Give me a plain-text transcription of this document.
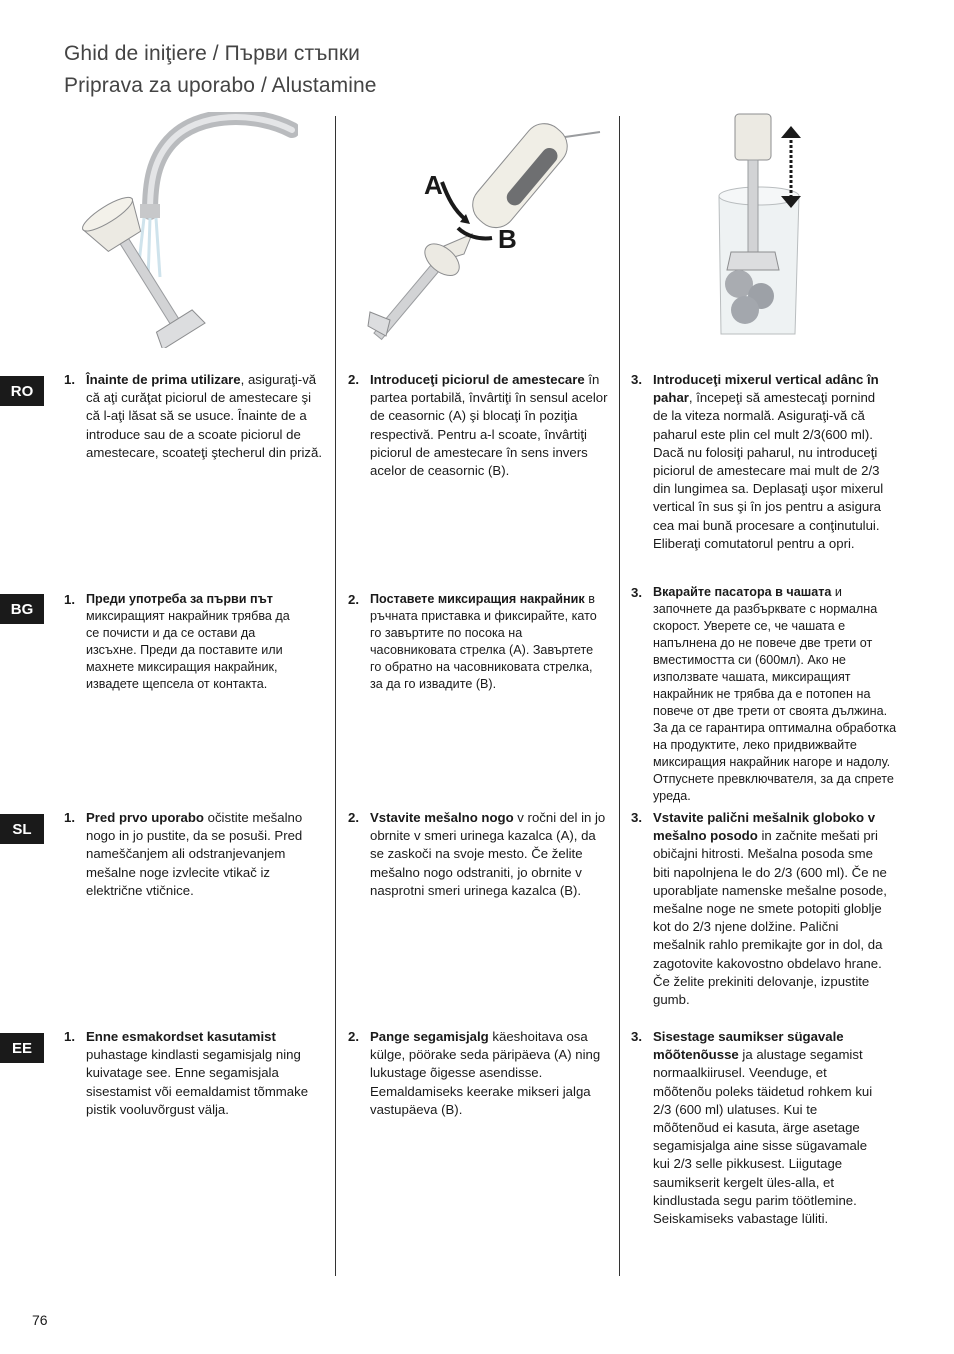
Ghid de iniţiere / Първи стъпки
Priprava za uporabo / Alustamine
A
B
RO
1. Înainte de prima utilizare, asiguraţi-vă că aţi curăţat piciorul de amestecare şi că l-aţi lăsat să se usuce. Înainte de a introduce sau de a scoate piciorul de amestecare, scoateţi ştecherul din priză.
2. Introduceţi piciorul de amestecare în partea portabilă, învârtiţi în sensul acelor de ceasornic (A) şi blocaţi în poziţia respectivă. Pentru a-l scoate, învârtiţi piciorul de amestecare în sens invers acelor de ceasornic (B).
3. Introduceţi mixerul vertical adânc în pahar, începeţi să amestecaţi pornind de la viteza normală. Asiguraţi-vă că paharul este plin cel mult 2/3(600 ml). Dacă nu folosiţi paharul, nu introduceţi piciorul de amestecare mai mult de 2/3 din lungimea sa. Deplasaţi uşor mixerul vertical în sus şi în jos pentru a asigura cea mai bună procesare a conţinutului. Eliberaţi comutatorul pentru a opri.
BG
1. Преди употреба за първи път миксиращият накрайник трябва да се почисти и да се остави да изсъхне. Преди да поставите или махнете миксиращия накрайник, извадете щепсела от контакта.
2. Поставете миксиращия накрайник в ръчната приставка и фиксирайте, като го завъртите по посока на часовниковата стрелка (A). Завъртете го обратно на часовниковата стрелка, за да го извадите (B).
3. Вкарайте пасатора в чашата и започнете да разбърквате с нормална скорост. Уверете се, че чашата е напълнена до не повече две трети от вместимостта си (600мл). Ако не използвате чашата, миксиращият накрайник не трябва да е потопен на повече от две трети от своята дължина. За да се гарантира оптимална обработка на продуктите, леко придвижвайте миксиращия накрайник нагоре и надолу. Отпуснете превключвателя, за да спрете уреда.
SL
1. Pred prvo uporabo očistite mešalno nogo in jo pustite, da se posuši. Pred nameščanjem ali odstranjevanjem mešalne noge izvlecite vtikač iz električne vtičnice.
2. Vstavite mešalno nogo v ročni del in jo obrnite v smeri urinega kazalca (A), da se zaskoči na svoje mesto. Če želite mešalno nogo odstraniti, jo obrnite v nasprotni smeri urinega kazalca (B).
3. Vstavite palični mešalnik globoko v mešalno posodo in začnite mešati pri običajni hitrosti. Mešalna posoda sme biti napolnjena le do 2/3 (600 ml). Če ne uporabljate namenske mešalne posode, mešalne noge ne smete potopiti globlje kot do 2/3 njene dolžine. Palični mešalnik rahlo premikajte gor in dol, da zagotovite kakovostno obdelavo hrane. Če želite prekiniti delovanje, izpustite gumb.
EE
1. Enne esmakordset kasutamist puhastage kindlasti segamisjalg ning kuivatage see. Enne segamisjala sisestamist või eemaldamist tõmmake pistik vooluvõrgust välja.
2. Pange segamisjalg käeshoitava osa külge, pöörake seda päripäeva (A) ning lukustage õigesse asendisse. Eemaldamiseks keerake mikseri jalga vastupäeva (B).
3. Sisestage saumikser sügavale mõõtenõusse ja alustage segamist normaalkiirusel. Veenduge, et mõõtenõu poleks täidetud rohkem kui 2/3 (600 ml) ulatuses. Kui te mõõtenõud ei kasuta, ärge asetage segamisjalga aine sisse sügavamale kui 2/3 selle pikkusest. Liigutage saumikserit kergelt üles-alla, et kindlustada segu parim töötlemine. Seiskamiseks vabastage lüliti.
76
